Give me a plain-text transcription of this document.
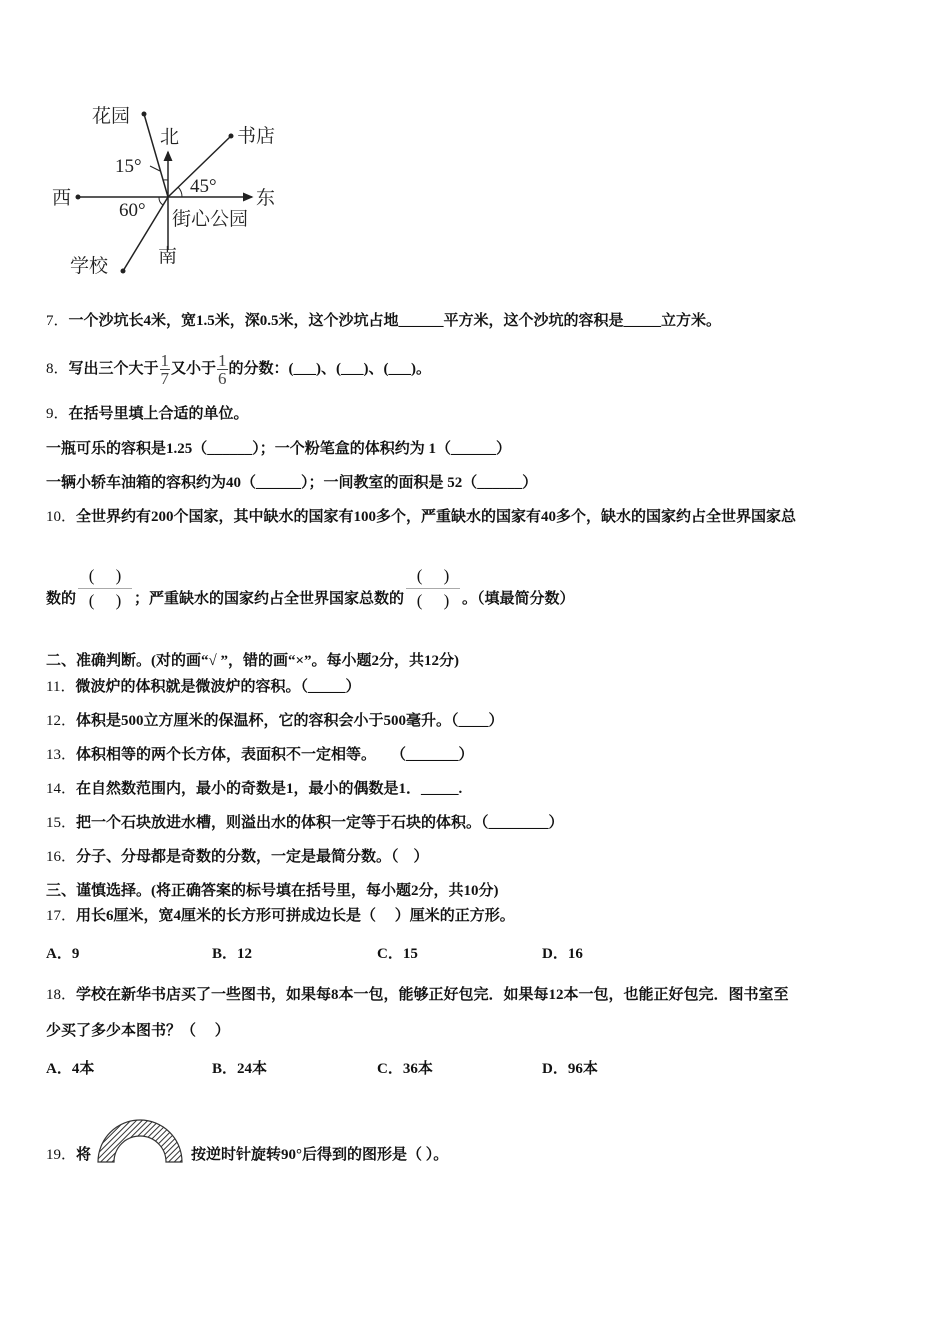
花园
北	书店
15°
45°
西	东
60° 街心公园
南
学校
7．一个沙坑长4米，宽1.5米，深0.5米，这个沙坑占地______平方米，这个沙坑的容积是_____立方米。
8．写出三个大于 $\frac{1}{7}$ 又小于 $\frac{1}{6}$ 的分数：(___)、(___)、(___)。
9．在括号里填上合适的单位。
一瓶可乐的容积是1.25（______）；一个粉笔盒的体积约为 1（______）
一辆小轿车油箱的容积约为40（______）；一间教室的面积是 52（______）
10．全世界约有200个国家，其中缺水的国家有100多个，严重缺水的国家有40多个，缺水的国家约占全世界国家总
数的
(　 )
(　 ) ；严重缺水的国家约占全世界国家总数的
(　 )
(　 ) 。（填最简分数）
二、准确判断。(对的画“√ ”，错的画“×”。每小题2分，共12分)
11．微波炉的体积就是微波炉的容积。（_____）
12．体积是500立方厘米的保温杯，它的容积会小于500毫升。（____）
13．体积相等的两个长方体，表面积不一定相等。　　（_______）
14．在自然数范围内，最小的奇数是1，最小的偶数是1．_____.
15．把一个石块放进水槽，则溢出水的体积一定等于石块的体积。（________）
16．分子、分母都是奇数的分数，一定是最简分数。（　）
三、谨慎选择。(将正确答案的标号填在括号里，每小题2分，共10分)
17．用长6厘米，宽4厘米的长方形可拼成边长是（　 ）厘米的正方形。
A．9	B．12	C．15	D．16
18．学校在新华书店买了一些图书，如果每8本一包，能够正好包完．如果每12本一包，也能正好包完．图书室至
少买了多少本图书？（　 ）
A．4本	B．24本	C．36本	D．96本
19． 将	按逆时针旋转90°后得到的图形是（ ）。
